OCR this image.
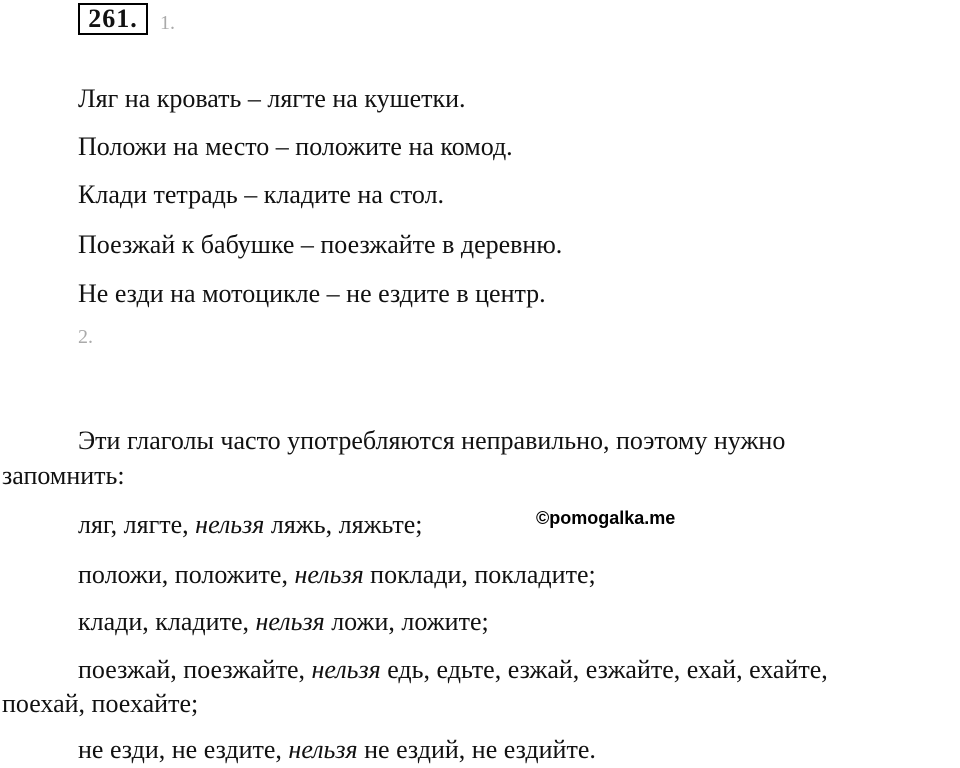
261.	1.
Ляг на кровать – лягте на кушетки.
Положи на место – положите на комод.
Клади тетрадь – кладите на стол.
Поезжай к бабушке – поезжайте в деревню.
Не езди на мотоцикле – не ездите в центр.
2.
Эти глаголы часто употребляются неправильно, поэтому нужно
запомнить:
ляг, лягте, нельзя ляжь, ляжьте;	©pomogalka.me
положи, положите, нельзя поклади, покладите;
клади, кладите, нельзя ложи, ложите;
поезжай, поезжайте, нельзя едь, едьте, езжай, езжайте, ехай, ехайте,
поехай, поехайте;
не езди, не ездите, нельзя не ездий, не ездийте.
